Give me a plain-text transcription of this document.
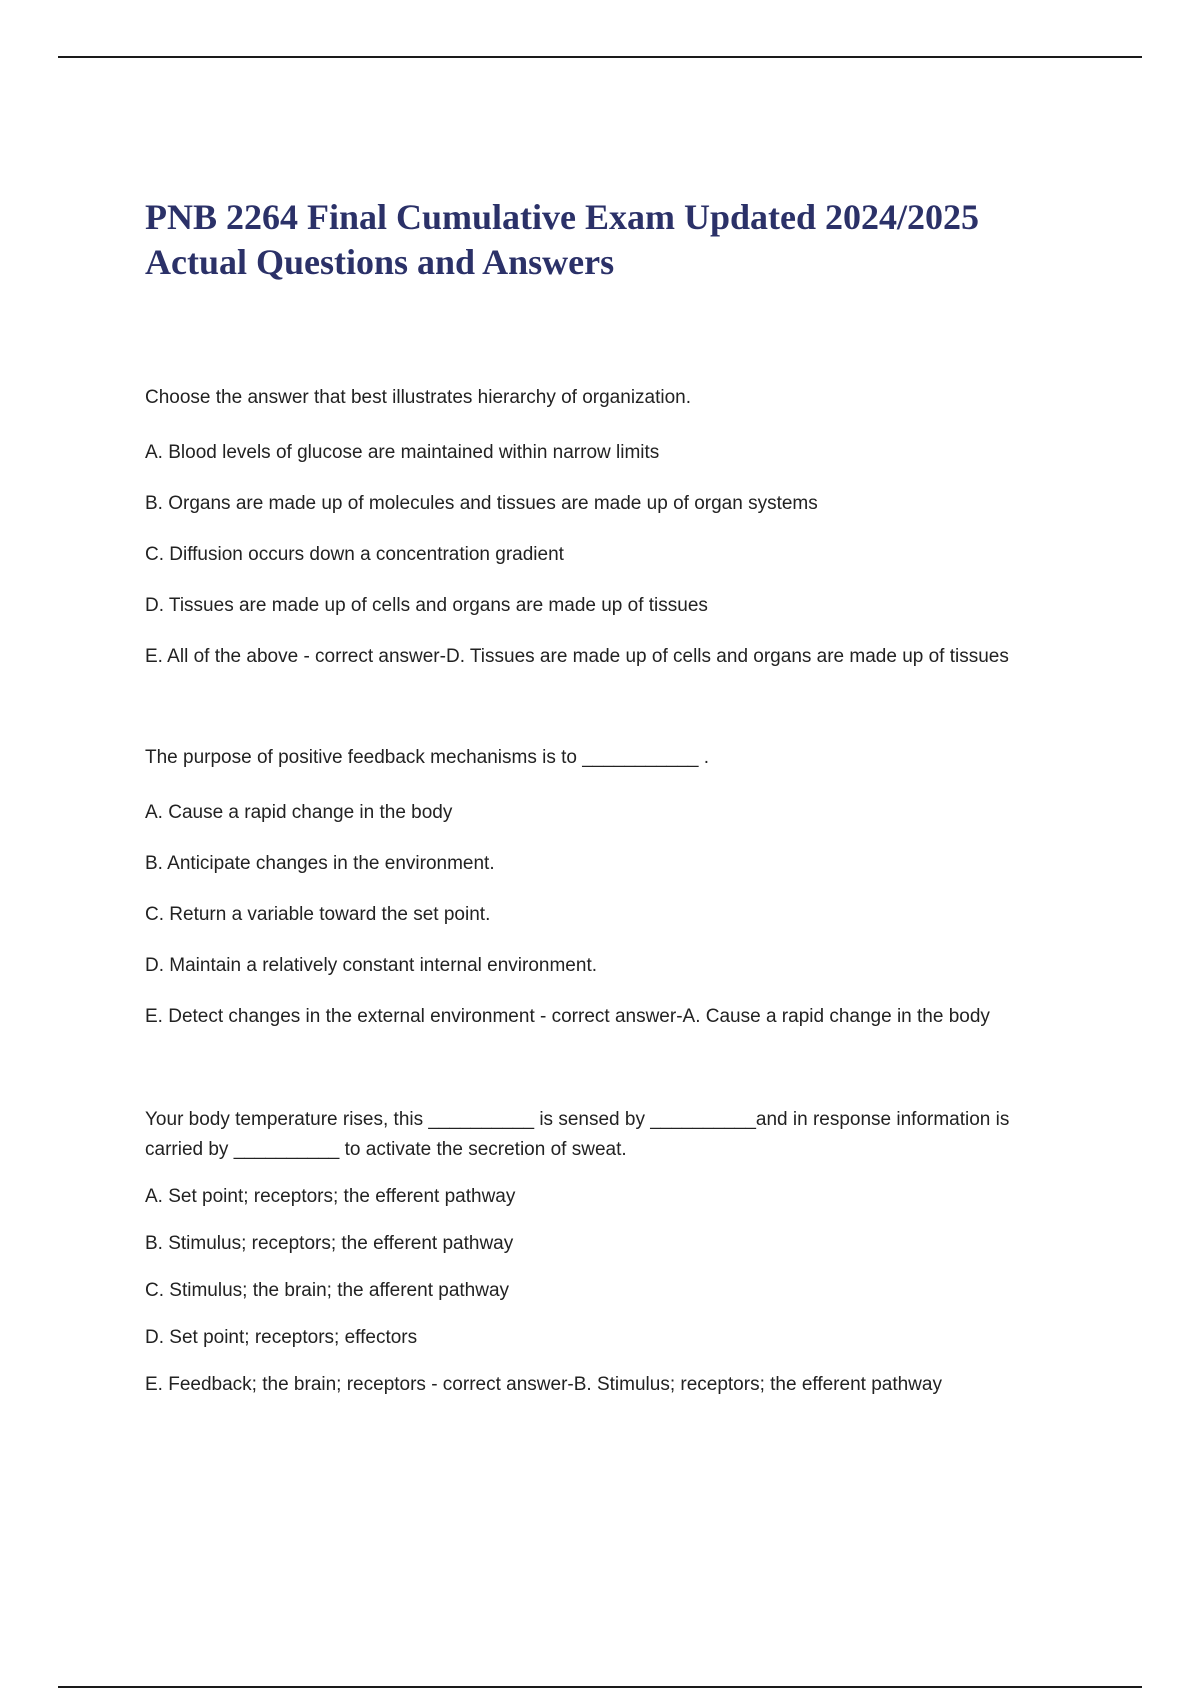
PNB 2264 Final Cumulative Exam Updated 2024/2025
Actual Questions and Answers

Choose the answer that best illustrates hierarchy of organization.

A. Blood levels of glucose are maintained within narrow limits

B. Organs are made up of molecules and tissues are made up of organ systems

C. Diffusion occurs down a concentration gradient

D. Tissues are made up of cells and organs are made up of tissues

E. All of the above - correct answer-D. Tissues are made up of cells and organs are made up of tissues

The purpose of positive feedback mechanisms is to ___________ .

A. Cause a rapid change in the body

B. Anticipate changes in the environment.

C. Return a variable toward the set point.

D. Maintain a relatively constant internal environment.

E. Detect changes in the external environment - correct answer-A. Cause a rapid change in the body

Your body temperature rises, this __________ is sensed by __________and in response information is carried by __________ to activate the secretion of sweat.

A. Set point; receptors; the efferent pathway

B. Stimulus; receptors; the efferent pathway

C. Stimulus; the brain; the afferent pathway

D. Set point; receptors; effectors

E. Feedback; the brain; receptors - correct answer-B. Stimulus; receptors; the efferent pathway
